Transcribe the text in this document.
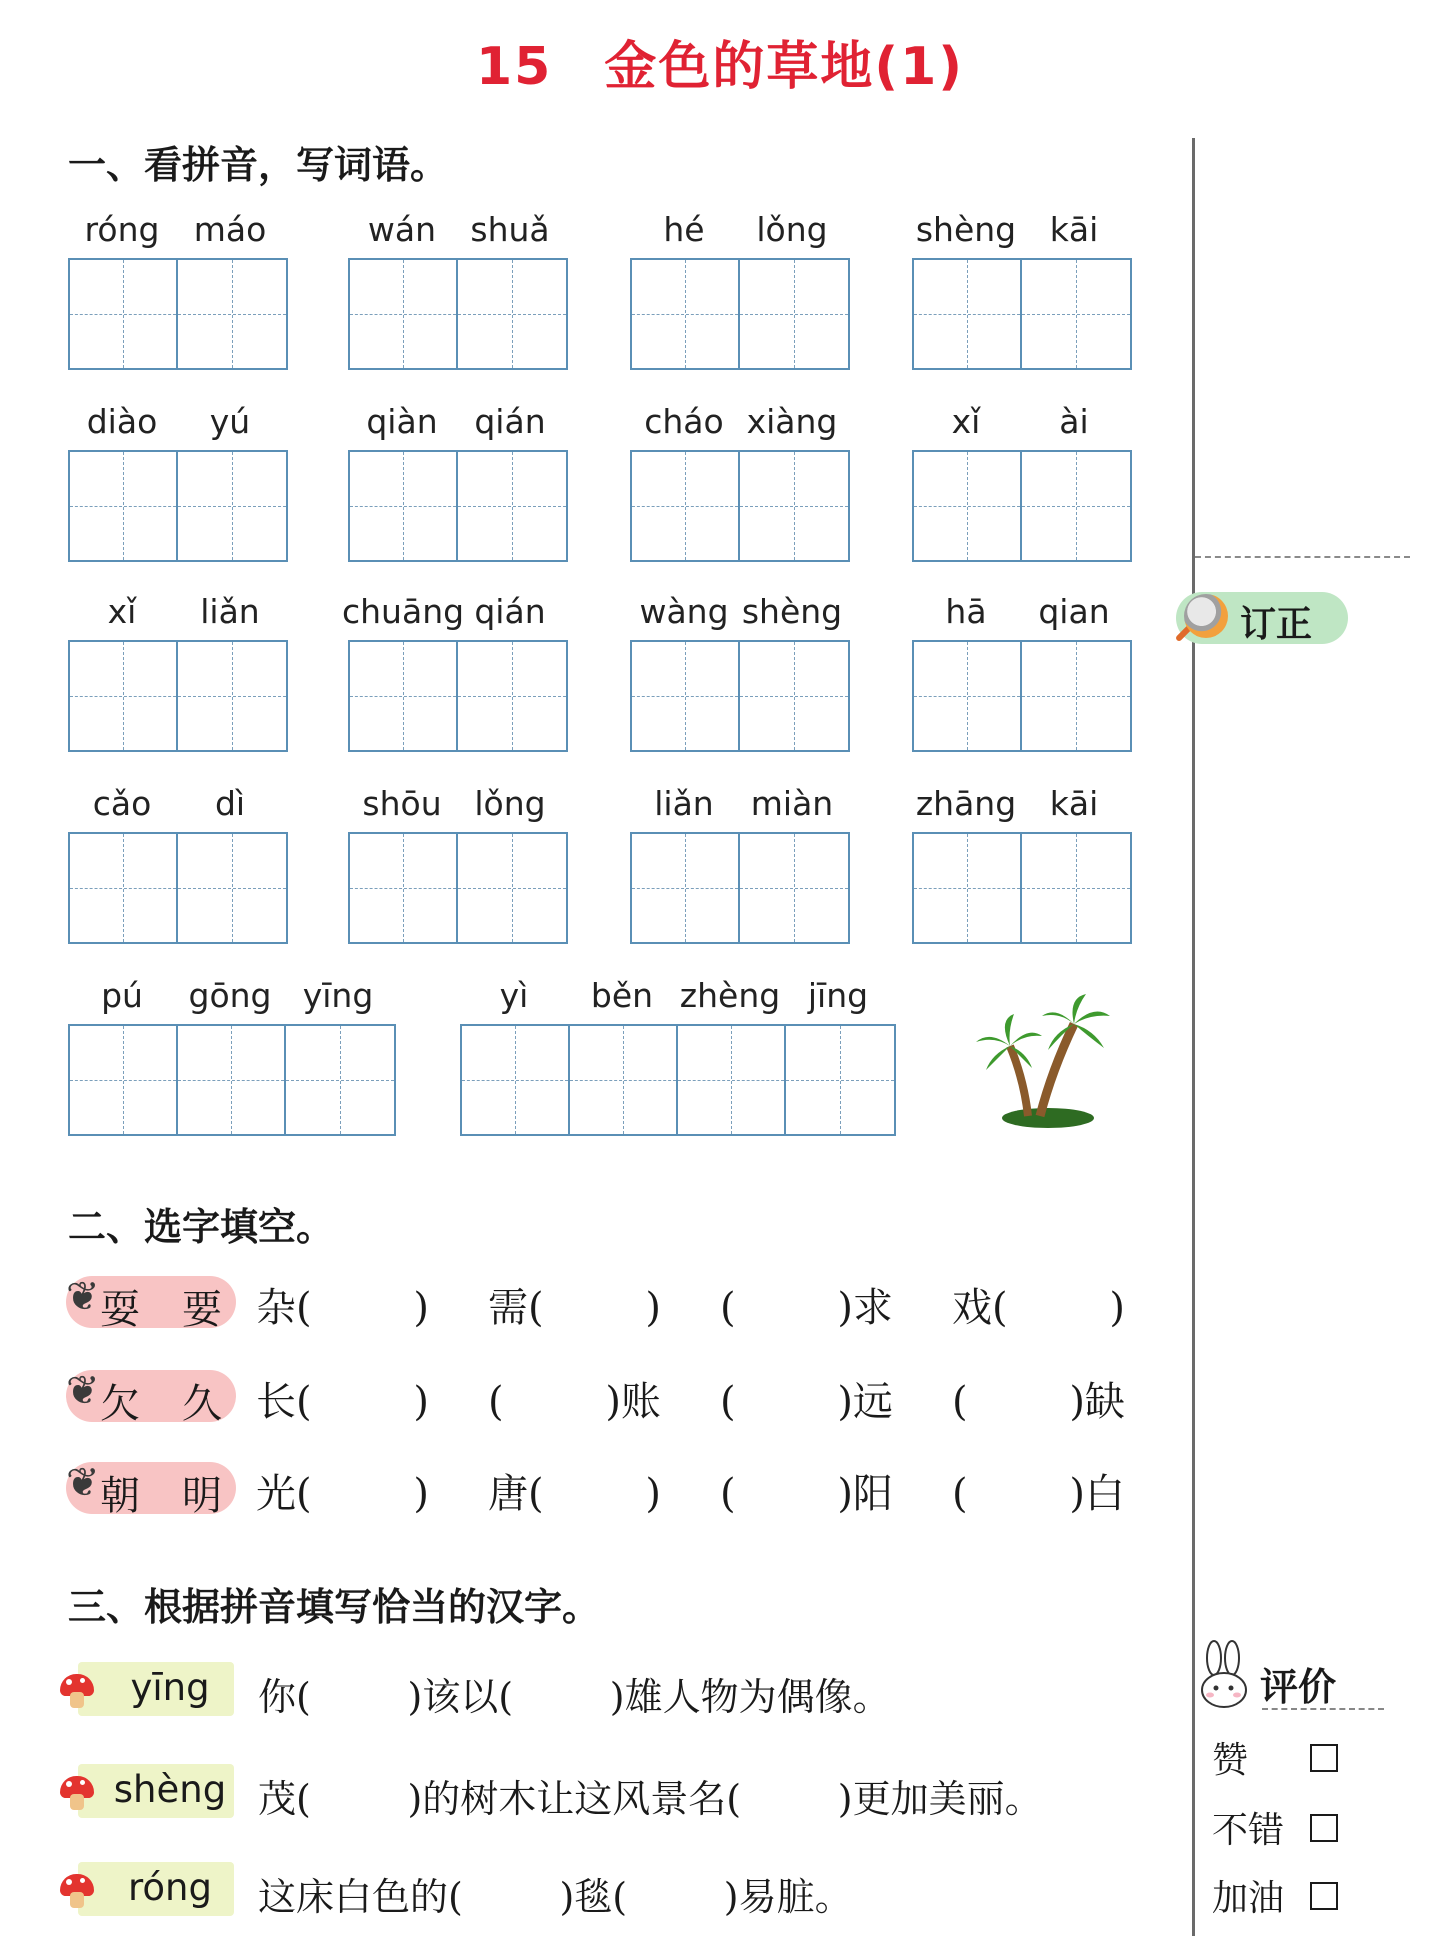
15 金色的草地(1)
订正
一、看拼音，写词语。
róng	máo	wán	shuǎ	hé	lǒng	shèng	kāi
diào	yú	qiàn	qián	cháo xiàng	xǐ	ài
xǐ	liǎn	chuāng qián	wàng shèng	hā	qian
cǎo	dì	shōu lǒng	liǎn	miàn	zhāng	kāi
pú	gōng yīng	yì	běn zhèng jīng
二、选字填空。
❦ 耍 要 杂(        ) 需(        ) (        )求 戏(        )
❦ 欠 久 长(        ) (        )账 (        )远 (        )缺
❦ 朝 明 光(        ) 唐(        ) (        )阳 (        )白
三、根据拼音填写恰当的汉字。
yīng	你(        )该以(        )雄人物为偶像。
shèng 茂(        )的树木让这风景名(        )更加美丽。
róng	这床白色的(        )毯(        )易脏。
评价
赞
不错
加油
